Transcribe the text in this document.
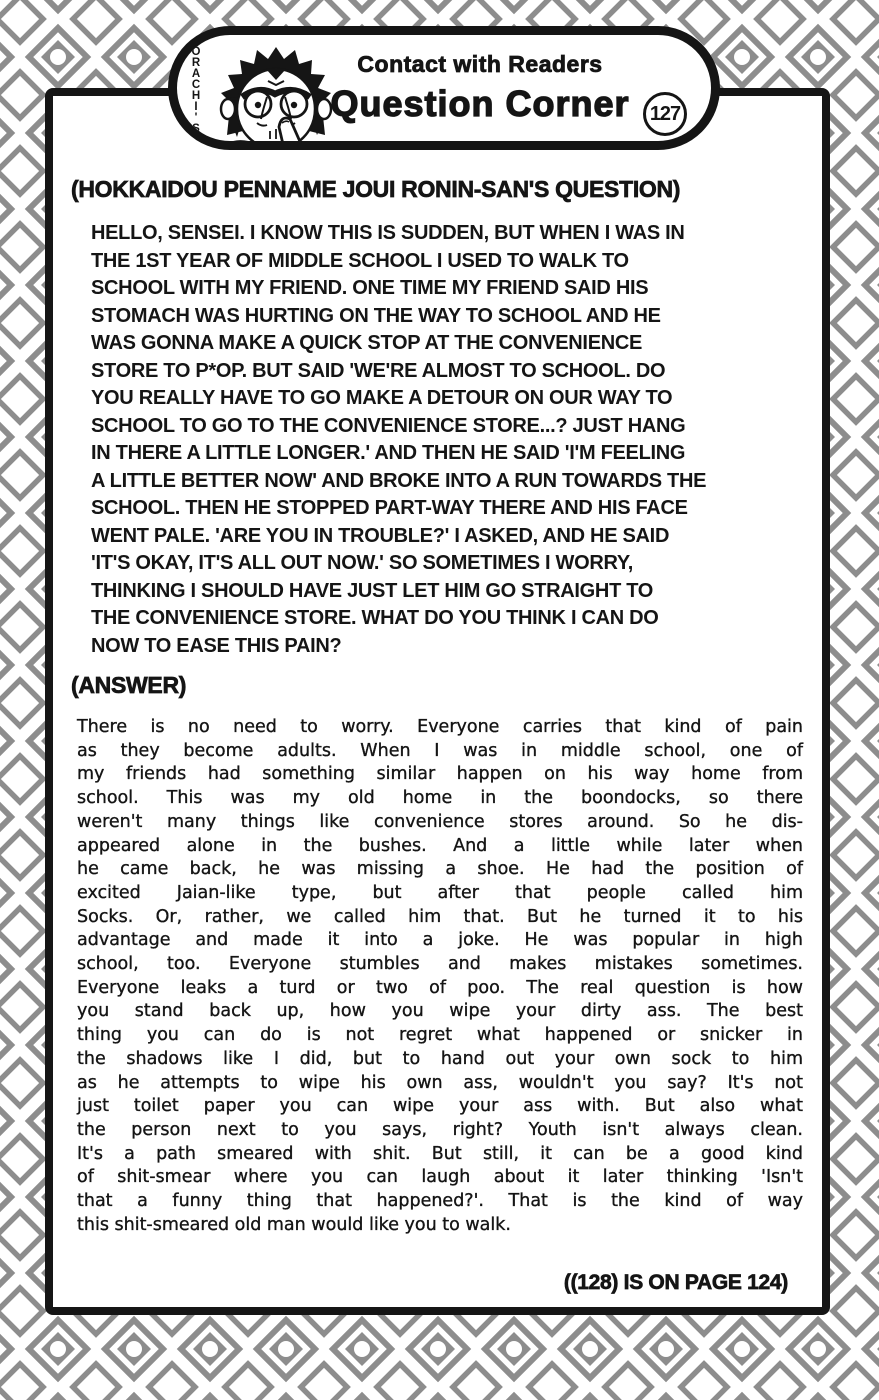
(HOKKAIDOU PENNAME JOUI RONIN-SAN'S QUESTION)
HELLO, SENSEI. I KNOW THIS IS SUDDEN, BUT WHEN I WAS IN
THE 1ST YEAR OF MIDDLE SCHOOL I USED TO WALK TO
SCHOOL WITH MY FRIEND. ONE TIME MY FRIEND SAID HIS
STOMACH WAS HURTING ON THE WAY TO SCHOOL AND HE
WAS GONNA MAKE A QUICK STOP AT THE CONVENIENCE
STORE TO P*OP. BUT SAID 'WE'RE ALMOST TO SCHOOL. DO
YOU REALLY HAVE TO GO MAKE A DETOUR ON OUR WAY TO
SCHOOL TO GO TO THE CONVENIENCE STORE...? JUST HANG
IN THERE A LITTLE LONGER.' AND THEN HE SAID 'I'M FEELING
A LITTLE BETTER NOW' AND BROKE INTO A RUN TOWARDS THE
SCHOOL. THEN HE STOPPED PART-WAY THERE AND HIS FACE
WENT PALE. 'ARE YOU IN TROUBLE?' I ASKED, AND HE SAID
'IT'S OKAY, IT'S ALL OUT NOW.' SO SOMETIMES I WORRY,
THINKING I SHOULD HAVE JUST LET HIM GO STRAIGHT TO
THE CONVENIENCE STORE. WHAT DO YOU THINK I CAN DO
NOW TO EASE THIS PAIN?
(ANSWER)
There is no need to worry. Everyone carries that kind of pain
as they become adults. When I was in middle school, one of
my friends had something similar happen on his way home from
school. This was my old home in the boondocks, so there
weren't many things like convenience stores around. So he dis-
appeared alone in the bushes. And a little while later when
he came back, he was missing a shoe. He had the position of
excited Jaian-like type, but after that people called him
Socks. Or, rather, we called him that. But he turned it to his
advantage and made it into a joke. He was popular in high
school, too. Everyone stumbles and makes mistakes sometimes.
Everyone leaks a turd or two of poo. The real question is how
you stand back up, how you wipe your dirty ass. The best
thing you can do is not regret what happened or snicker in
the shadows like I did, but to hand out your own sock to him
as he attempts to wipe his own ass, wouldn't you say? It's not
just toilet paper you can wipe your ass with. But also what
the person next to you says, right? Youth isn't always clean.
It's a path smeared with shit. But still, it can be a good kind
of shit-smear where you can laugh about it later thinking 'Isn't
that a funny thing that happened?'. That is the kind of way
this shit-smeared old man would like you to walk.
((128) IS ON PAGE 124)
SORACHI'S	Contact with Readers
Question Corner 127
